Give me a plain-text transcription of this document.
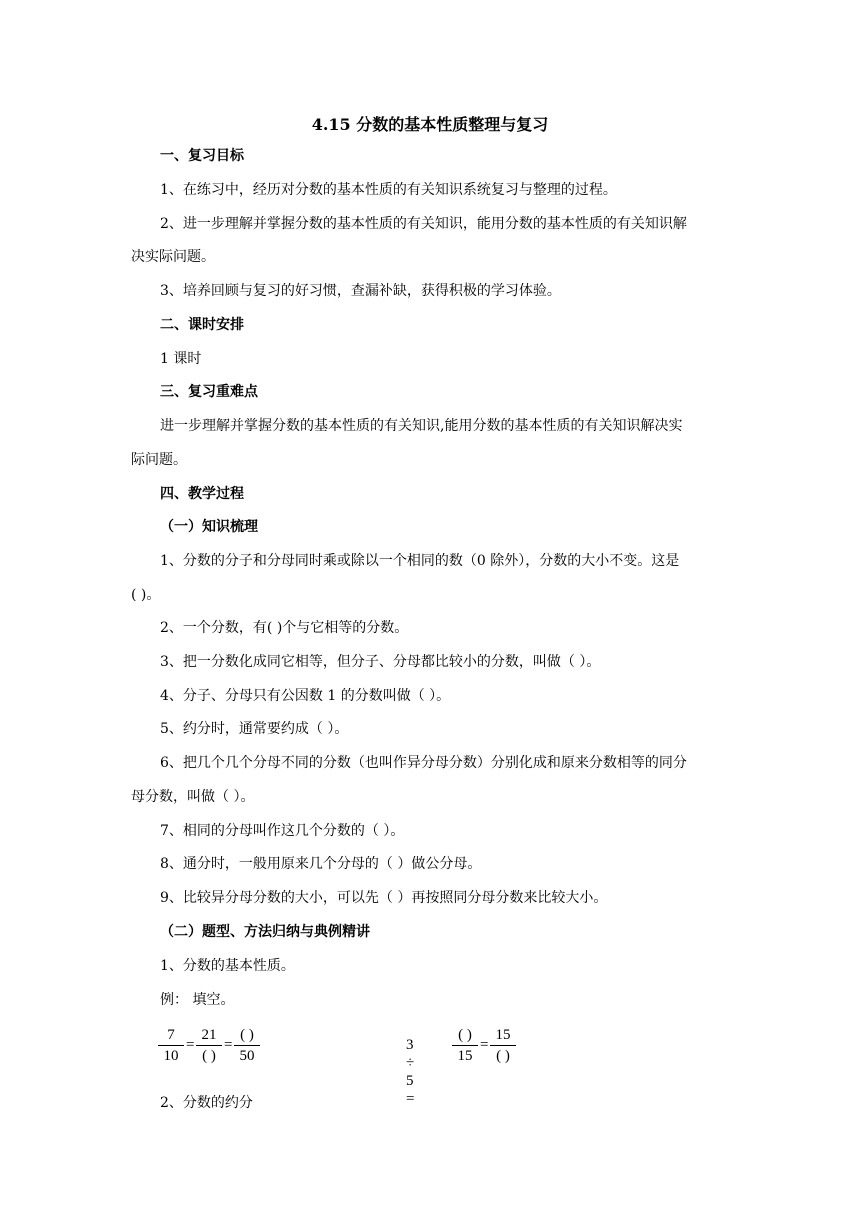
4.15 分数的基本性质整理与复习
一、复习目标
1、在练习中，经历对分数的基本性质的有关知识系统复习与整理的过程。
2、进一步理解并掌握分数的基本性质的有关知识，能用分数的基本性质的有关知识解
决实际问题。
3、培养回顾与复习的好习惯，查漏补缺，获得积极的学习体验。
二、课时安排
1 课时
三、复习重难点
进一步理解并掌握分数的基本性质的有关知识,能用分数的基本性质的有关知识解决实
际问题。
四、教学过程
（一）知识梳理
1、分数的分子和分母同时乘或除以一个相同的数（0 除外），分数的大小不变。这是
( )。
2、一个分数，有( )个与它相等的分数。
3、把一分数化成同它相等，但分子、分母都比较小的分数，叫做（ ）。
4、分子、分母只有公因数 1 的分数叫做（ ）。
5、约分时，通常要约成（ ）。
6、把几个几个分母不同的分数（也叫作异分母分数）分别化成和原来分数相等的同分
母分数，叫做（ ）。
7、相同的分母叫作这几个分数的（ ）。
8、通分时，一般用原来几个分母的（ ）做公分母。
9、比较异分母分数的大小，可以先（ ）再按照同分母分数来比较大小。
（二）题型、方法归纳与典例精讲
1、分数的基本性质。
例： 填空。
7
10
=
21
( )
=
( )
50
3 ÷ 5 =
( )
15
=
15
( )
2、分数的约分
